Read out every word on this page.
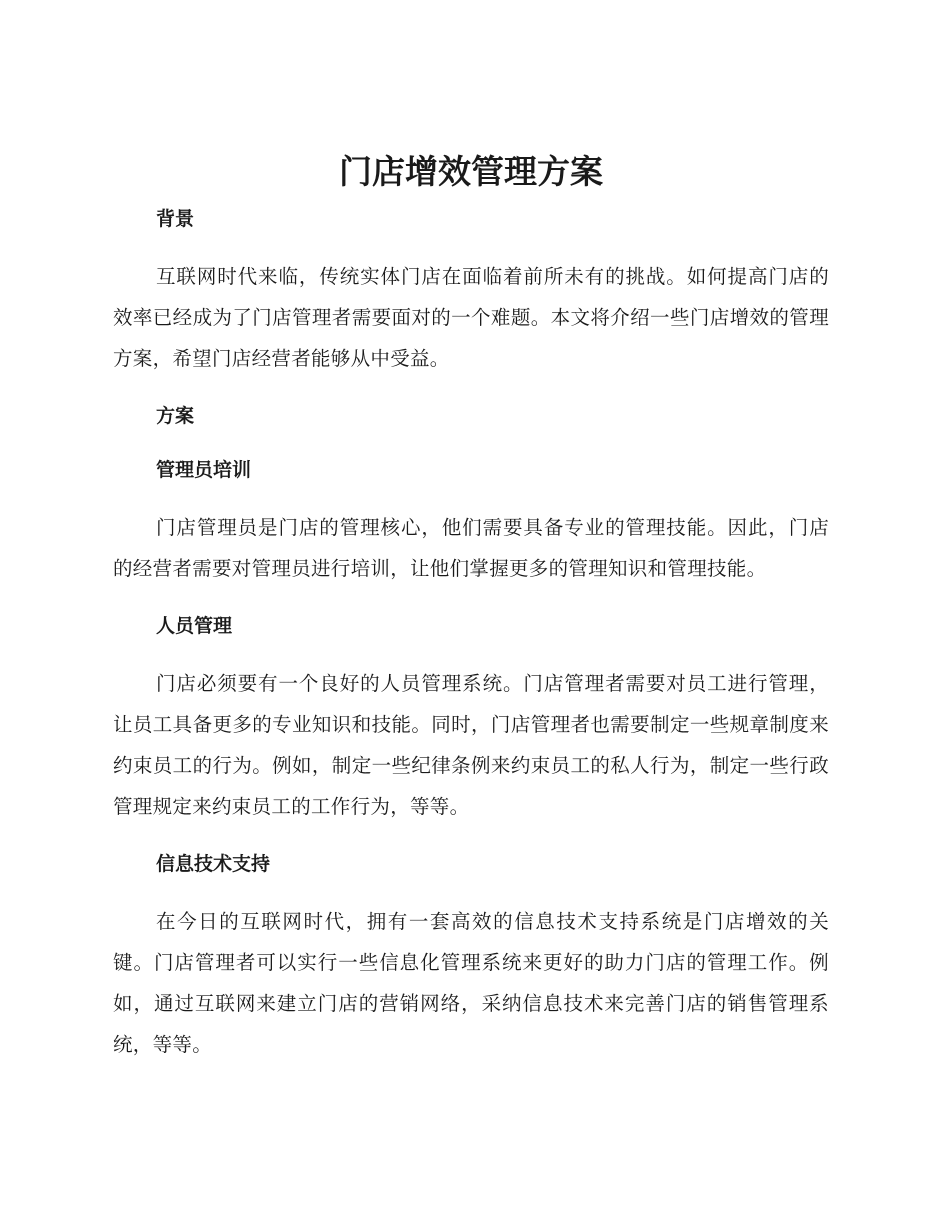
门店增效管理方案
背景

互联网时代来临，传统实体门店在面临着前所未有的挑战。如何提高门店的效率已经成为了门店管理者需要面对的一个难题。本文将介绍一些门店增效的管理方案，希望门店经营者能够从中受益。

方案
管理员培训

门店管理员是门店的管理核心，他们需要具备专业的管理技能。因此，门店的经营者需要对管理员进行培训，让他们掌握更多的管理知识和管理技能。

人员管理

门店必须要有一个良好的人员管理系统。门店管理者需要对员工进行管理，让员工具备更多的专业知识和技能。同时，门店管理者也需要制定一些规章制度来约束员工的行为。例如，制定一些纪律条例来约束员工的私人行为，制定一些行政管理规定来约束员工的工作行为，等等。

信息技术支持

在今日的互联网时代，拥有一套高效的信息技术支持系统是门店增效的关键。门店管理者可以实行一些信息化管理系统来更好的助力门店的管理工作。例如，通过互联网来建立门店的营销网络，采纳信息技术来完善门店的销售管理系统，等等。
